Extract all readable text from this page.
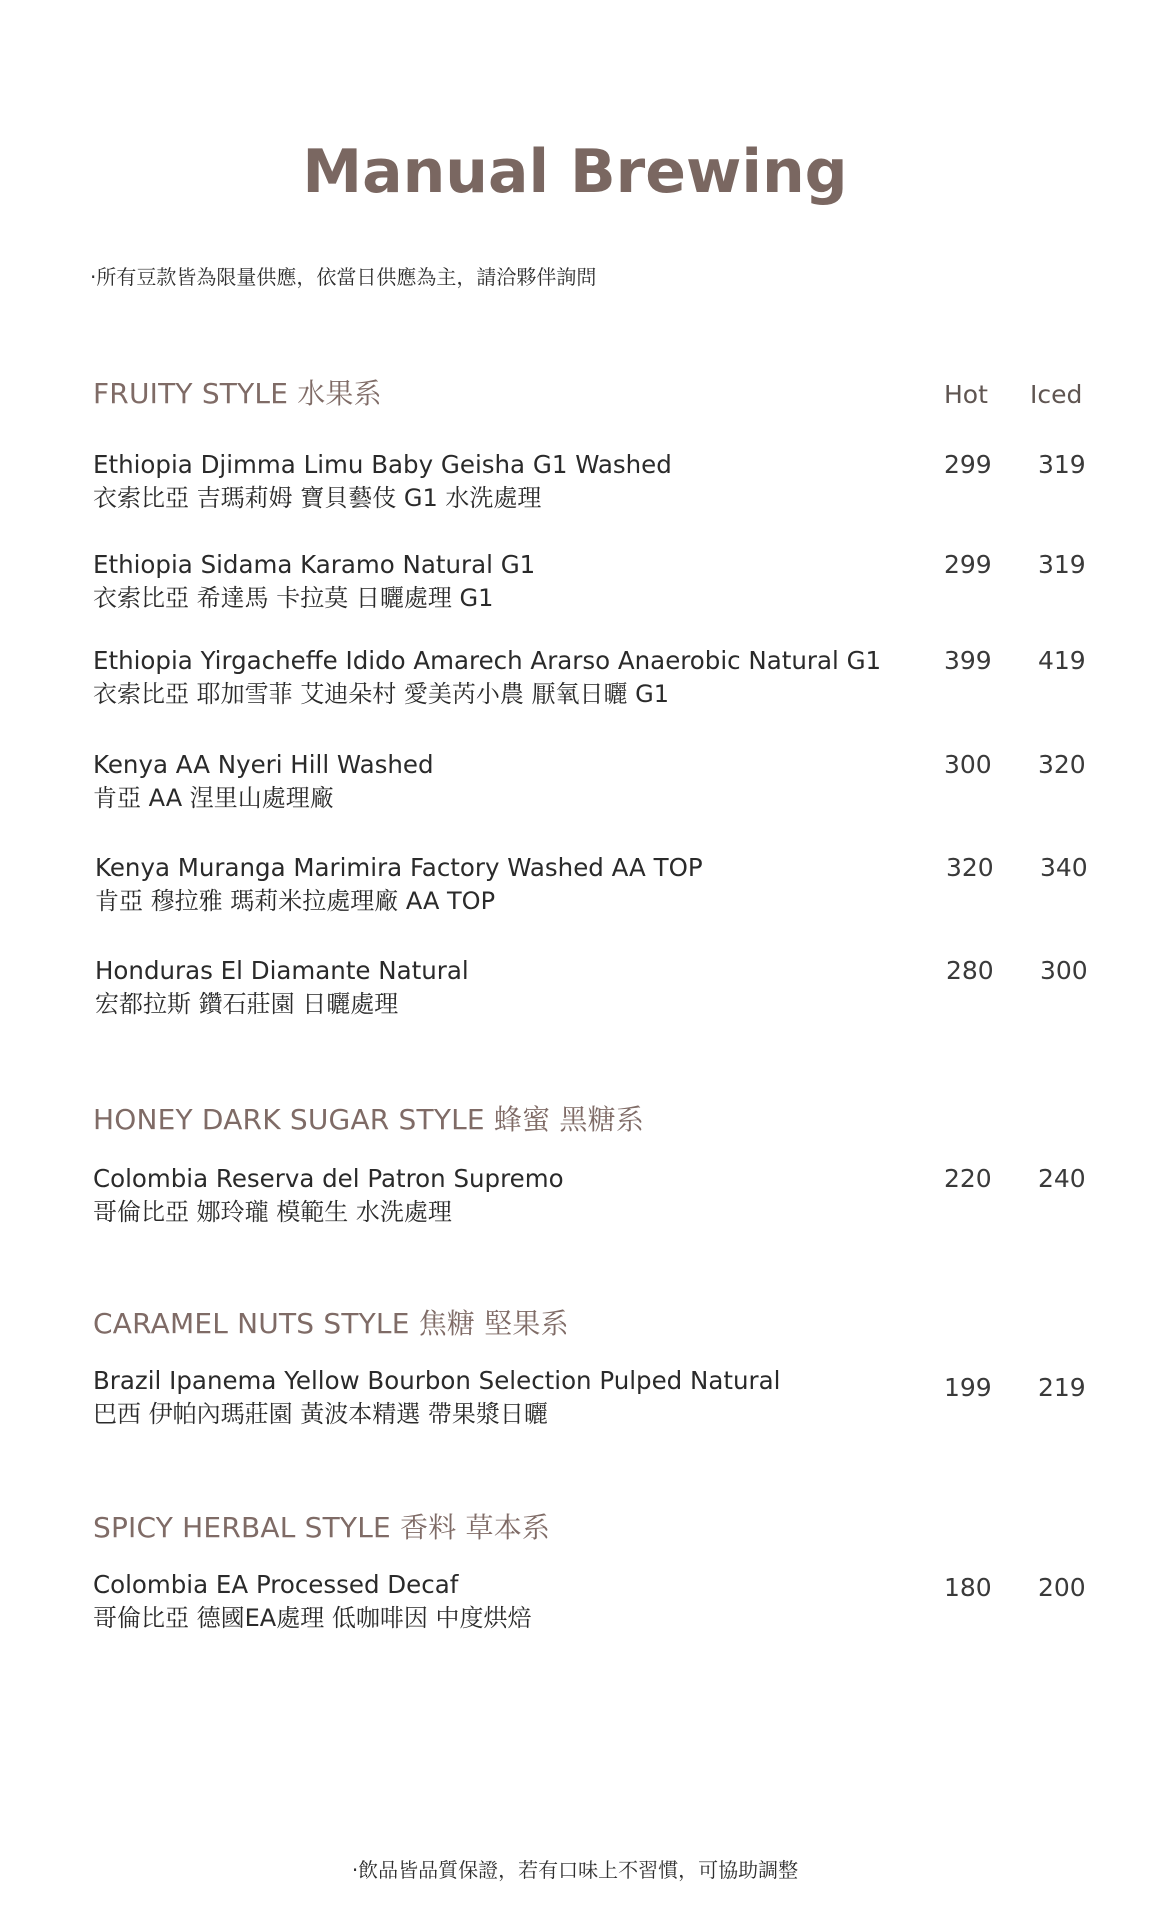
Manual Brewing
·所有豆款皆為限量供應，依當日供應為主，請洽夥伴詢問
Hot Iced
FRUITY STYLE 水果系
Ethiopia Djimma Limu Baby Geisha G1 Washed
衣索比亞 吉瑪莉姆 寶貝藝伎 G1 水洗處理
299 319
Ethiopia Sidama Karamo Natural G1
衣索比亞 希達馬 卡拉莫 日曬處理 G1
299 319
Ethiopia Yirgacheffe Idido Amarech Ararso Anaerobic Natural G1
衣索比亞 耶加雪菲 艾迪朵村 愛美芮小農 厭氧日曬 G1
399 419
Kenya AA Nyeri Hill Washed
肯亞 AA 涅里山處理廠
300 320
Kenya Muranga Marimira Factory Washed AA TOP
肯亞 穆拉雅 瑪莉米拉處理廠 AA TOP
320 340
Honduras El Diamante Natural
宏都拉斯 鑽石莊園 日曬處理
280 300
HONEY DARK SUGAR STYLE 蜂蜜 黑糖系
Colombia Reserva del Patron Supremo
哥倫比亞 娜玲瓏 模範生 水洗處理
220 240
CARAMEL NUTS STYLE 焦糖 堅果系
Brazil Ipanema Yellow Bourbon Selection Pulped Natural
巴西 伊帕內瑪莊園 黃波本精選 帶果漿日曬
199 219
SPICY HERBAL STYLE 香料 草本系
Colombia EA Processed Decaf
哥倫比亞 德國EA處理 低咖啡因 中度烘焙
180 200
·飲品皆品質保證，若有口味上不習慣，可協助調整
